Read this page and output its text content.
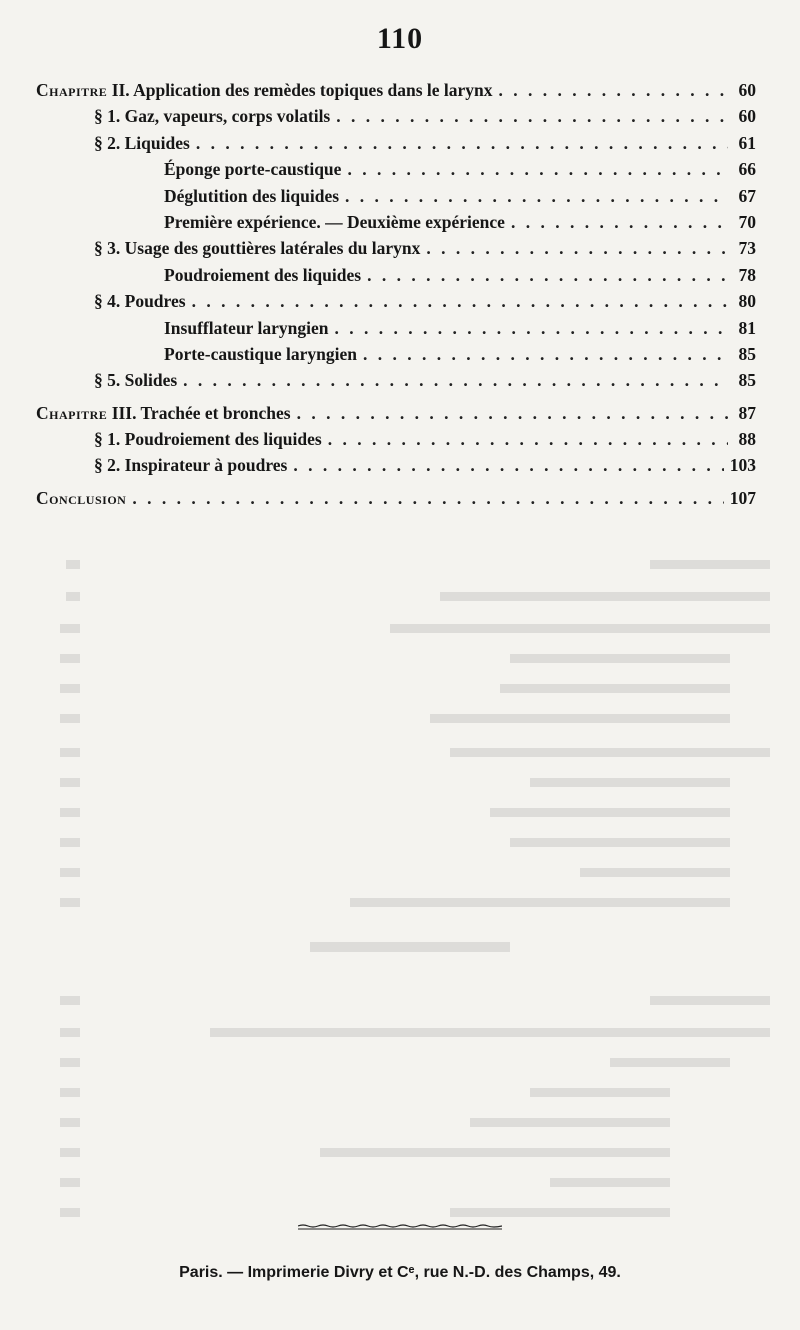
110
Chapitre II. Application des remèdes topiques dans le larynx . . .	60
§ 1. Gaz, vapeurs, corps volatils . . .	60
§ 2. Liquides . . .	61
Éponge porte-caustique . . .	66
Déglutition des liquides . . .	67
Première expérience. — Deuxième expérience . . .	70
§ 3. Usage des gouttières latérales du larynx . . .	73
Poudroiement des liquides . . .	78
§ 4. Poudres . . .	80
Insufflateur laryngien . . .	81
Porte-caustique laryngien . . .	85
§ 5. Solides . . .	85
Chapitre III. Trachée et bronches . . .	87
§ 1. Poudroiement des liquides . . .	88
§ 2. Inspirateur à poudres . . .	103
Conclusion . . .	107
Paris. — Imprimerie Divry et Cᵉ, rue N.-D. des Champs, 49.
